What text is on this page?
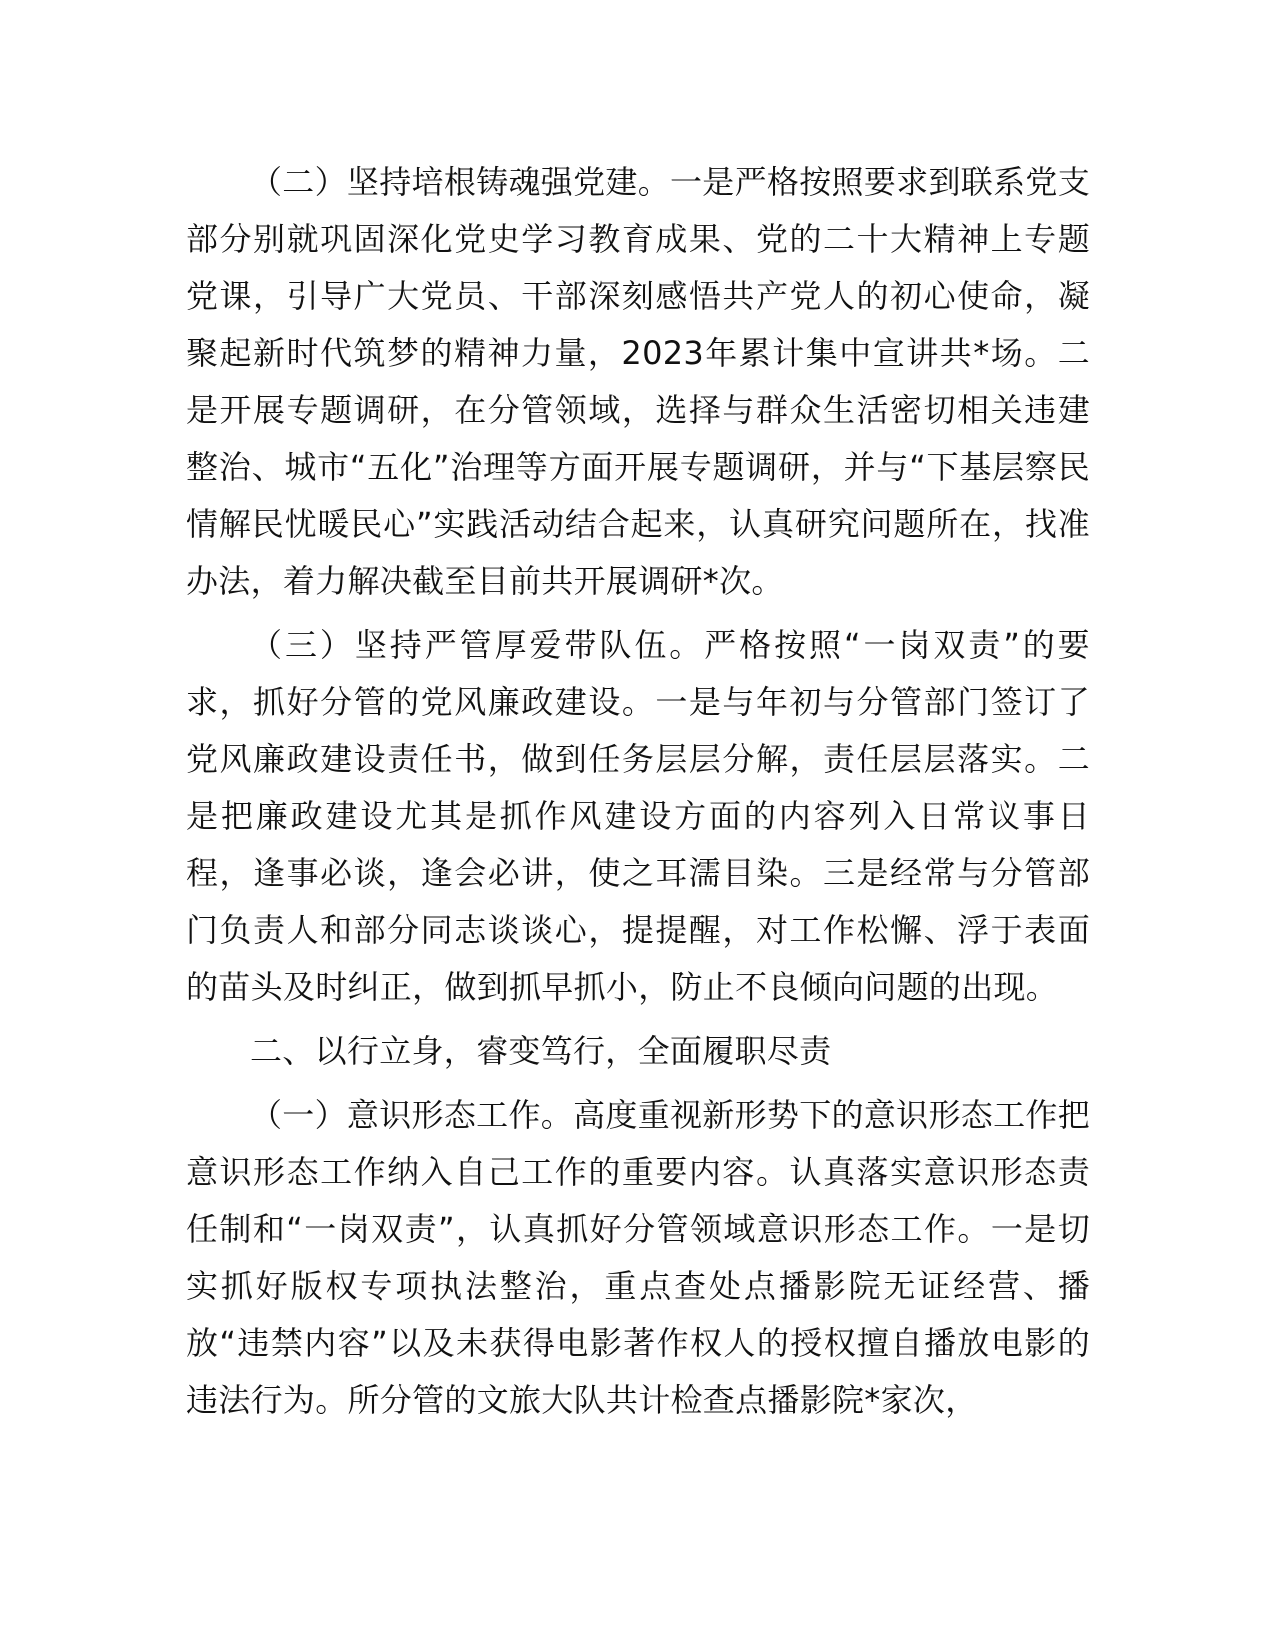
（二）坚持培根铸魂强党建。一是严格按照要求到联系党支部分别就巩固深化党史学习教育成果、党的二十大精神上专题党课，引导广大党员、干部深刻感悟共产党人的初心使命，凝聚起新时代筑梦的精神力量，2023年累计集中宣讲共*场。二是开展专题调研，在分管领域，选择与群众生活密切相关违建整治、城市“五化”治理等方面开展专题调研，并与“下基层察民情解民忧暖民心”实践活动结合起来，认真研究问题所在，找准办法，着力解决截至目前共开展调研*次。

（三）坚持严管厚爱带队伍。严格按照“一岗双责”的要求，抓好分管的党风廉政建设。一是与年初与分管部门签订了党风廉政建设责任书，做到任务层层分解，责任层层落实。二是把廉政建设尤其是抓作风建设方面的内容列入日常议事日程，逢事必谈，逢会必讲，使之耳濡目染。三是经常与分管部门负责人和部分同志谈谈心，提提醒，对工作松懈、浮于表面的苗头及时纠正，做到抓早抓小，防止不良倾向问题的出现。

二、以行立身，睿变笃行，全面履职尽责

（一）意识形态工作。高度重视新形势下的意识形态工作把意识形态工作纳入自己工作的重要内容。认真落实意识形态责任制和“一岗双责”，认真抓好分管领域意识形态工作。一是切实抓好版权专项执法整治，重点查处点播影院无证经营、播放“违禁内容”以及未获得电影著作权人的授权擅自播放电影的违法行为。所分管的文旅大队共计检查点播影院*家次，
